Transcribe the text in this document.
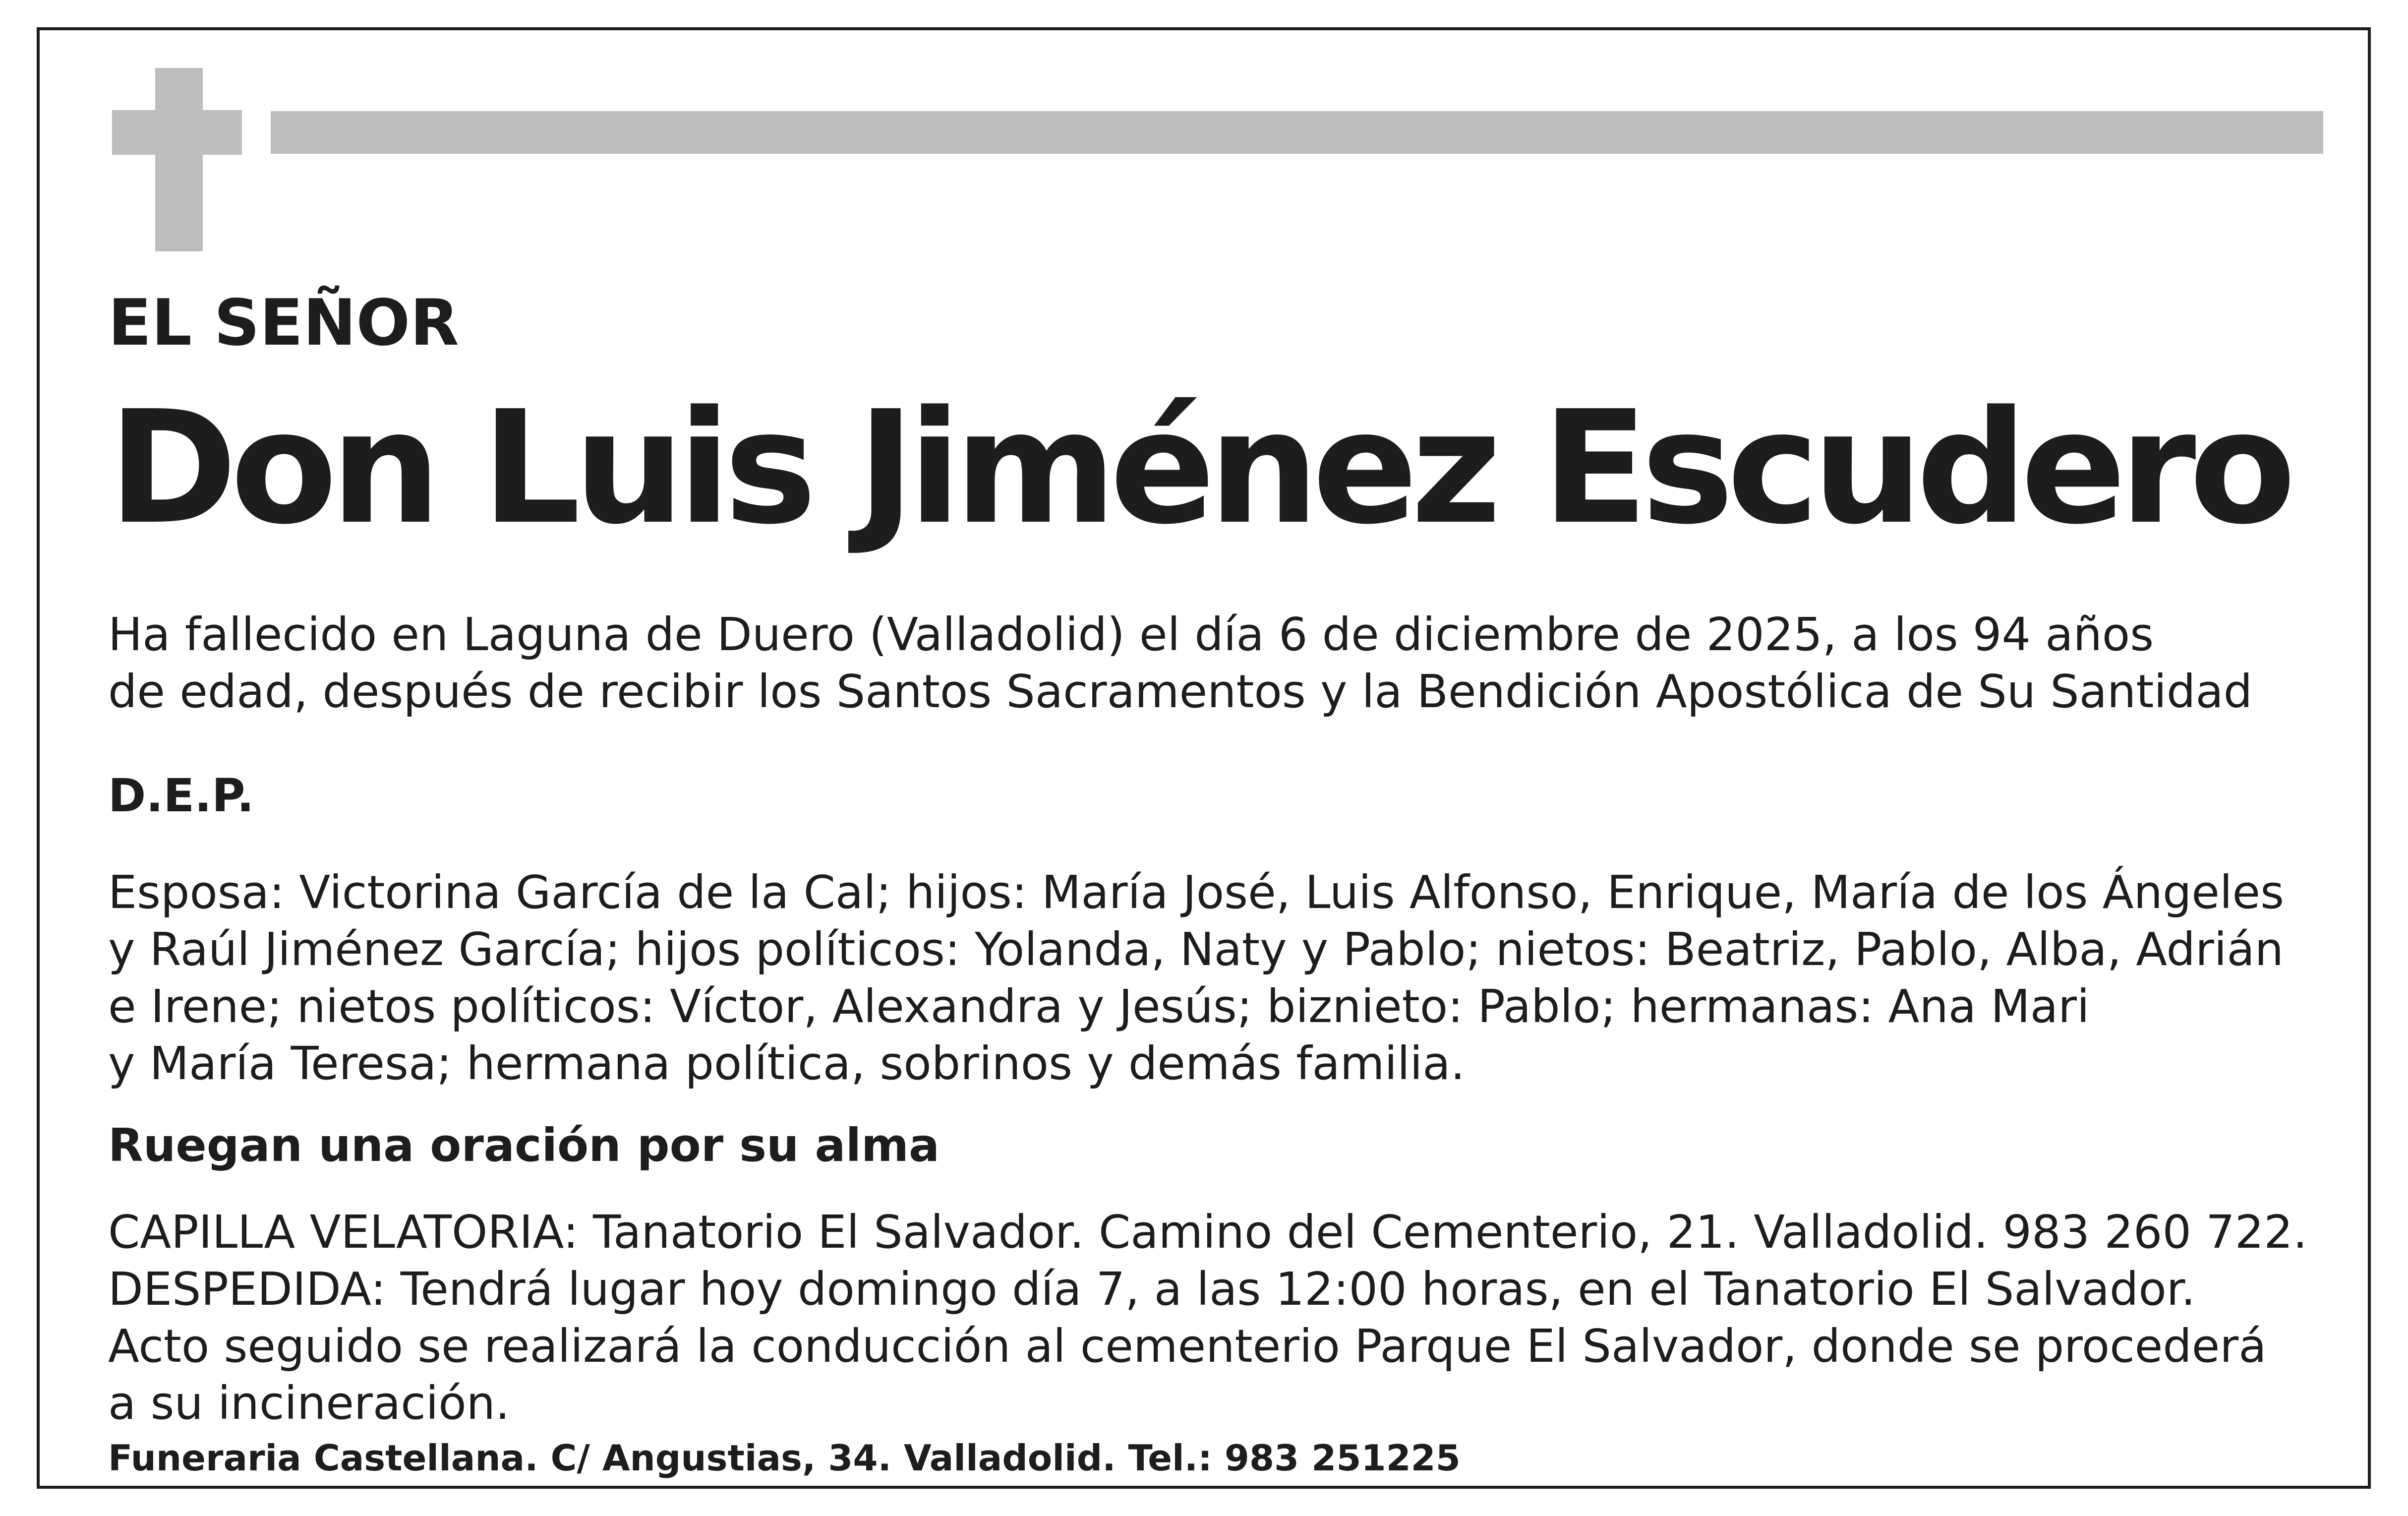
EL SEÑOR

Don Luis Jiménez Escudero

Ha fallecido en Laguna de Duero (Valladolid) el día 6 de diciembre de 2025, a los 94 años

de edad, después de recibir los Santos Sacramentos y la Bendición Apostólica de Su Santidad

D.E.P.

Esposa: Victorina García de la Cal; hijos: María José, Luis Alfonso, Enrique, María de los Ángeles

y Raúl Jiménez García; hijos políticos: Yolanda, Naty y Pablo; nietos: Beatriz, Pablo, Alba, Adrián

e Irene; nietos políticos: Víctor, Alexandra y Jesús; biznieto: Pablo; hermanas: Ana Mari

y María Teresa; hermana política, sobrinos y demás familia.

Ruegan una oración por su alma

CAPILLA VELATORIA: Tanatorio El Salvador. Camino del Cementerio, 21. Valladolid. 983 260 722.

DESPEDIDA: Tendrá lugar hoy domingo día 7, a las 12:00 horas, en el Tanatorio El Salvador.

Acto seguido se realizará la conducción al cementerio Parque El Salvador, donde se procederá

a su incineración.

Funeraria Castellana. C/ Angustias, 34. Valladolid. Tel.: 983 251225
